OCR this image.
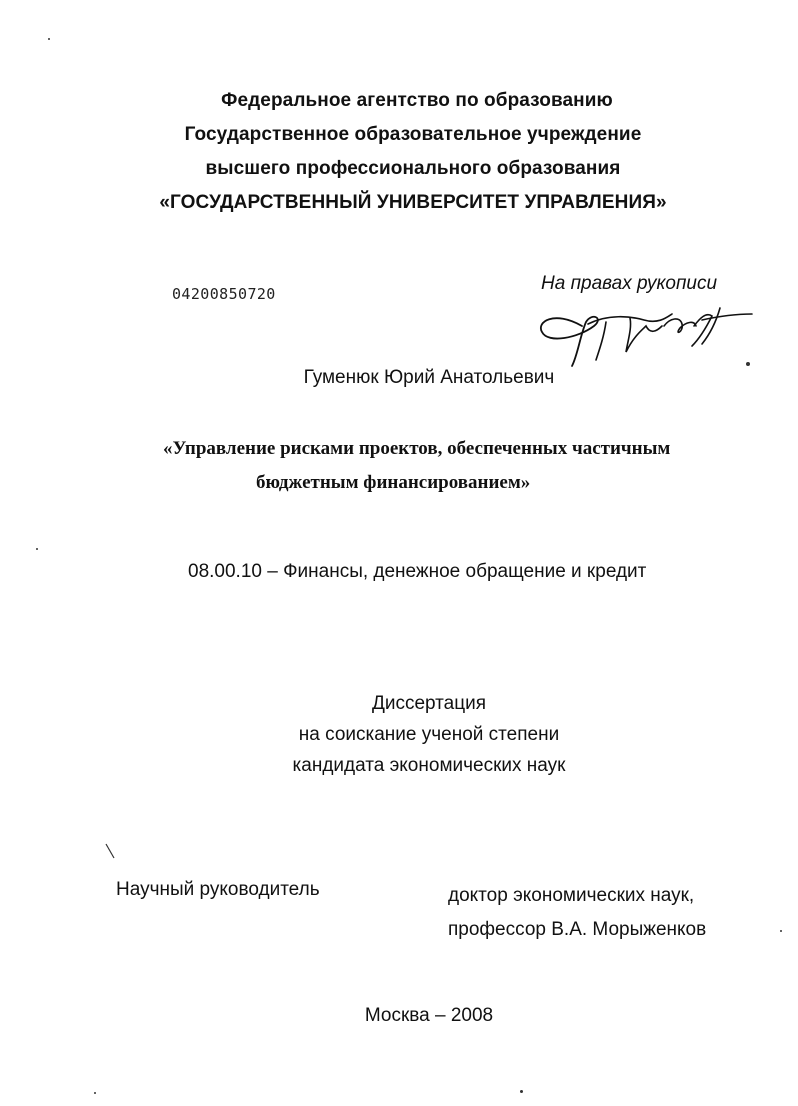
Федеральное агентство по образованию
Государственное образовательное учреждение
высшего профессионального образования
«ГОСУДАРСТВЕННЫЙ УНИВЕРСИТЕТ УПРАВЛЕНИЯ»
04200850720	На правах рукописи
Гуменюк Юрий Анатольевич
«Управление рисками проектов, обеспеченных частичным
бюджетным финансированием»
08.00.10 – Финансы, денежное обращение и кредит
Диссертация
на соискание ученой степени
кандидата экономических наук
Научный руководитель	доктор экономических наук,
профессор В.А. Морыженков
Москва – 2008
